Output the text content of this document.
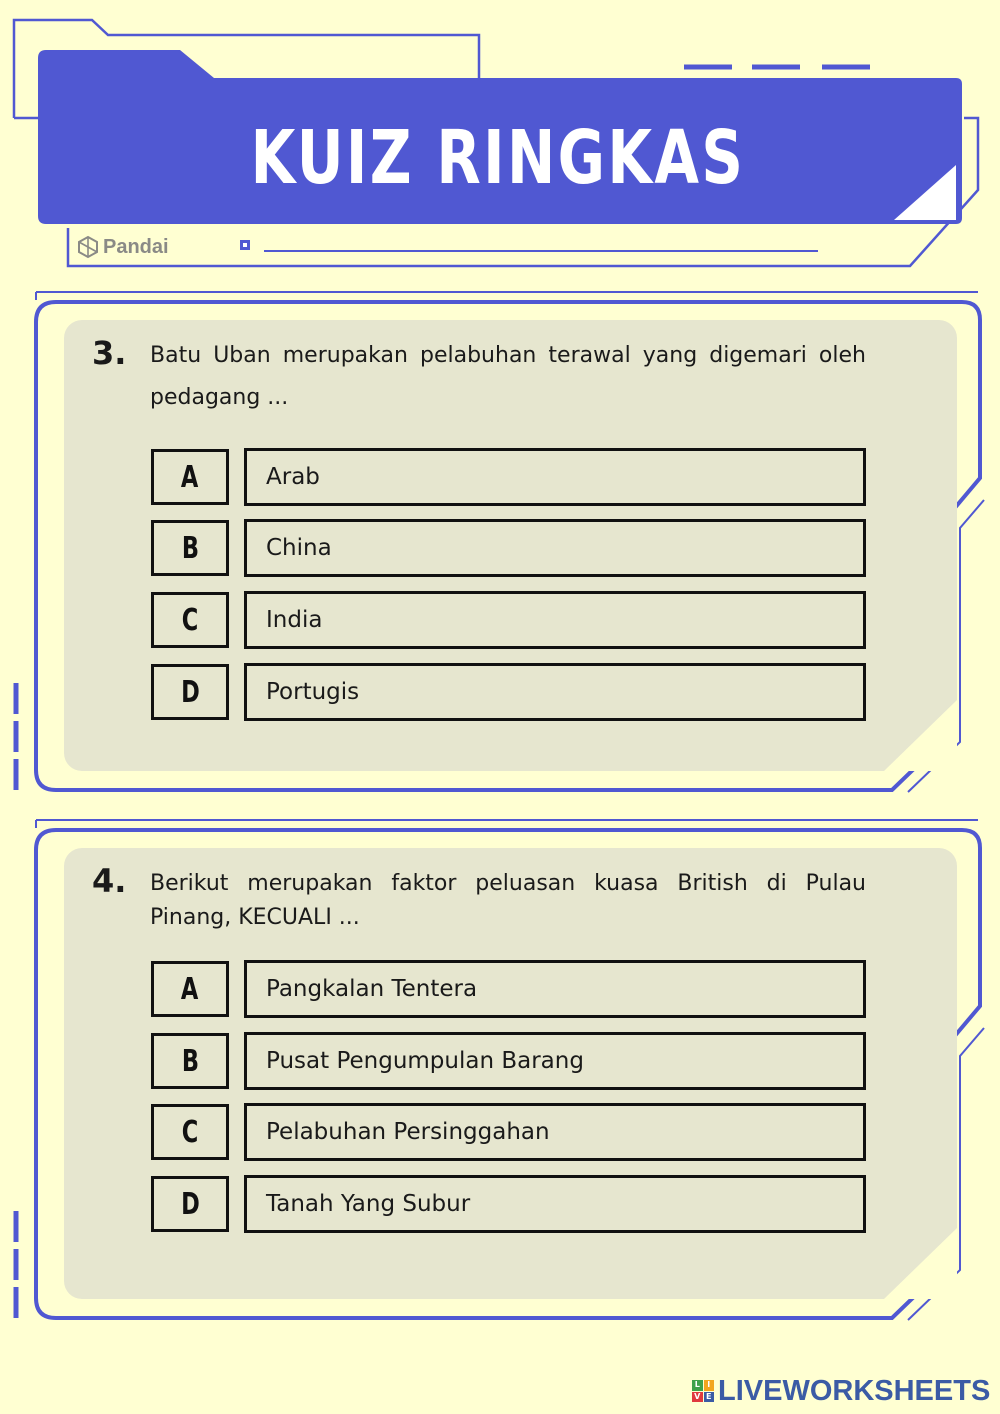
KUIZ RINGKAS
Pandai
3. Batu Uban merupakan pelabuhan terawal yang digemari oleh pedagang ...
A	Arab
B	China
C	India
D	Portugis
4. Berikut merupakan faktor peluasan kuasa British di Pulau Pinang, KECUALI ...
A	Pangkalan Tentera
B	Pusat Pengumpulan Barang
C	Pelabuhan Persinggahan
D	Tanah Yang Subur
L I
V E LIVEWORKSHEETS
